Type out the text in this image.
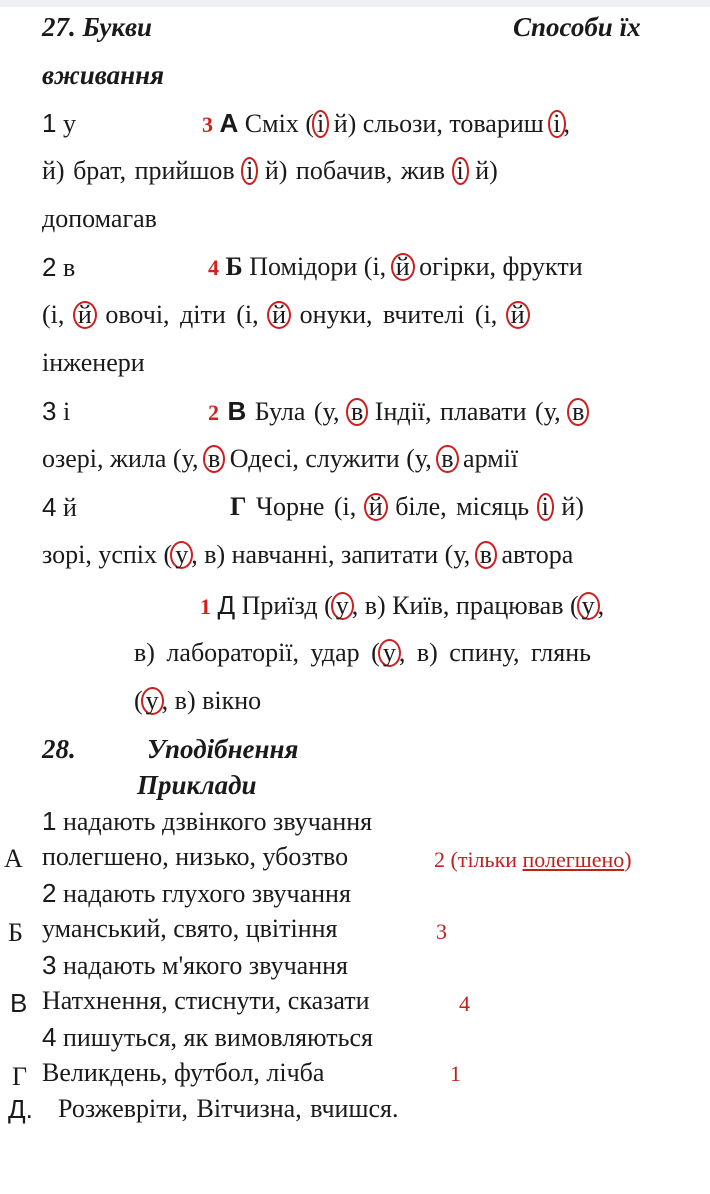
27. Букви	Способи їх
вживання
1 у	3 А Сміх ( і й) сльози, товариш і ,
й) брат, прийшов і й) побачив, жив і й)
допомагав
2 в	4 Б Помідори (і, й огірки, фрукти
(і, й овочі, діти (і, й онуки, вчителі (і, й
інженери
3 і	2 В Була (у, в Індії, плавати (у, в
озері, жила (у, в Одесі, служити (у, в армії
4 й	Г Чорне (і, й біле, місяць і й)
зорі, успіх ( у , в) навчанні, запитати (у, в автора
1 Д Приїзд ( у , в) Київ, працював ( у ,
в) лабораторії, удар ( у , в) спину, глянь
( у , в) вікно
28.	Уподібнення
Приклади
1 надають дзвінкого звучання
А полегшено, низько, убозтво	2 (тільки полегшено)
2 надають глухого звучання
Б уманський, свято, цвітіння	3
3 надають м'якого звучання
В Натхнення, стиснути, сказати	4
4 пишуться, як вимовляються
Г Великдень, футбол, лічба	1
Д. Розжеврiти, Вітчизна, вчишся.
